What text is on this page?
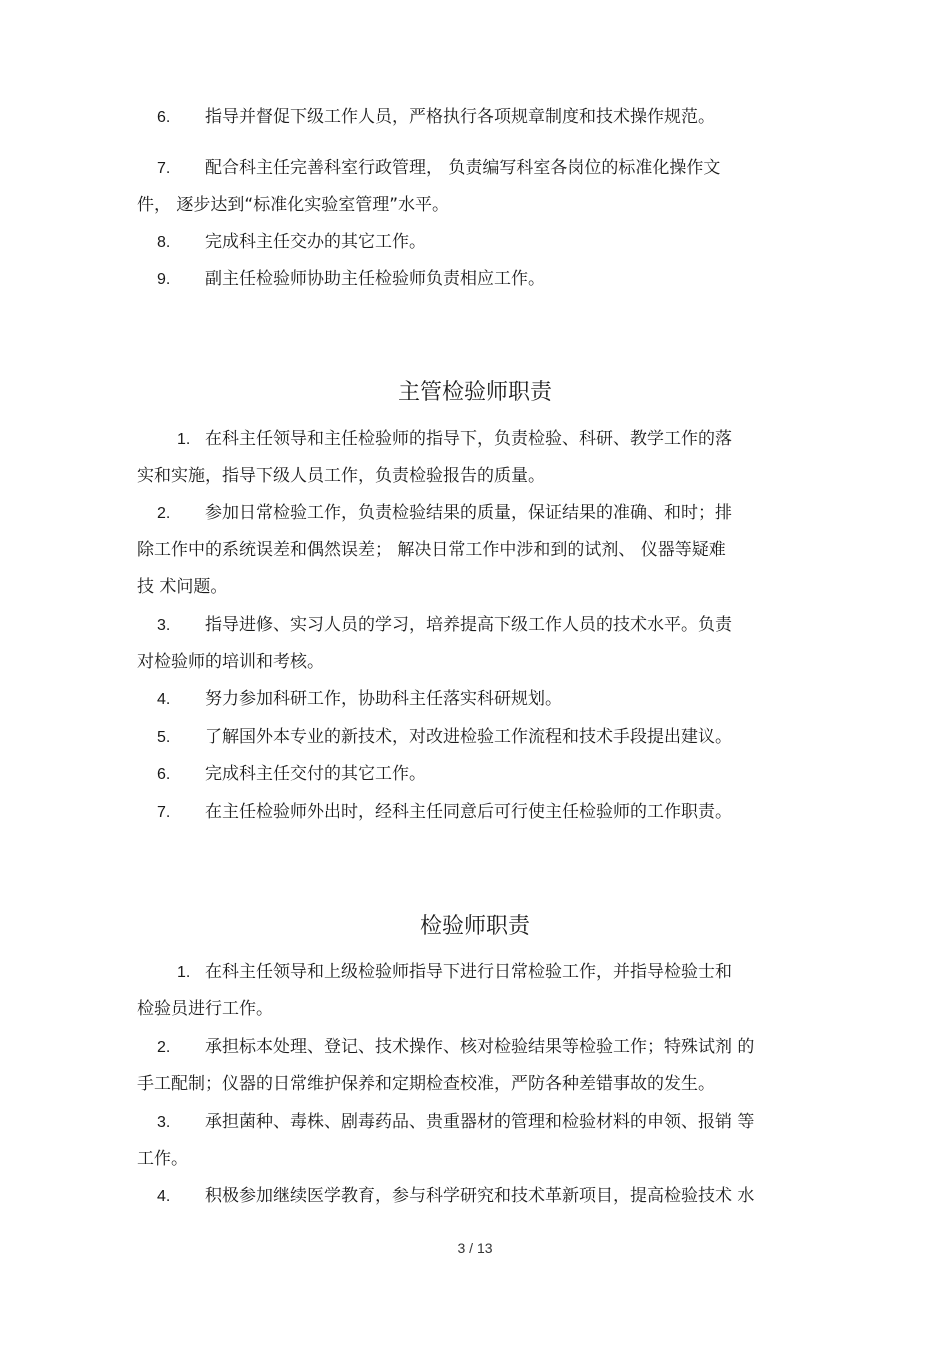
6. 指导并督促下级工作人员，严格执行各项规章制度和技术操作规范。
7. 配合科主任完善科室行政管理， 负责编写科室各岗位的标准化操作文
件， 逐步达到“标准化实验室管理”水平。
8. 完成科主任交办的其它工作。
9. 副主任检验师协助主任检验师负责相应工作。
主管检验师职责
1. 在科主任领导和主任检验师的指导下，负责检验、科研、教学工作的落
实和实施，指导下级人员工作，负责检验报告的质量。
2. 参加日常检验工作，负责检验结果的质量，保证结果的准确、和时；排
除工作中的系统误差和偶然误差； 解决日常工作中涉和到的试剂、 仪器等疑难
技 术问题。
3. 指导进修、实习人员的学习，培养提高下级工作人员的技术水平。负责
对检验师的培训和考核。
4. 努力参加科研工作，协助科主任落实科研规划。
5. 了解国外本专业的新技术，对改进检验工作流程和技术手段提出建议。
6. 完成科主任交付的其它工作。
7. 在主任检验师外出时，经科主任同意后可行使主任检验师的工作职责。
检验师职责
1. 在科主任领导和上级检验师指导下进行日常检验工作，并指导检验士和
检验员进行工作。
2. 承担标本处理、登记、技术操作、核对检验结果等检验工作；特殊试剂 的
手工配制；仪器的日常维护保养和定期检查校准，严防各种差错事故的发生。
3. 承担菌种、毒株、剧毒药品、贵重器材的管理和检验材料的申领、报销 等
工作。
4. 积极参加继续医学教育，参与科学研究和技术革新项目，提高检验技术 水
3 / 13
